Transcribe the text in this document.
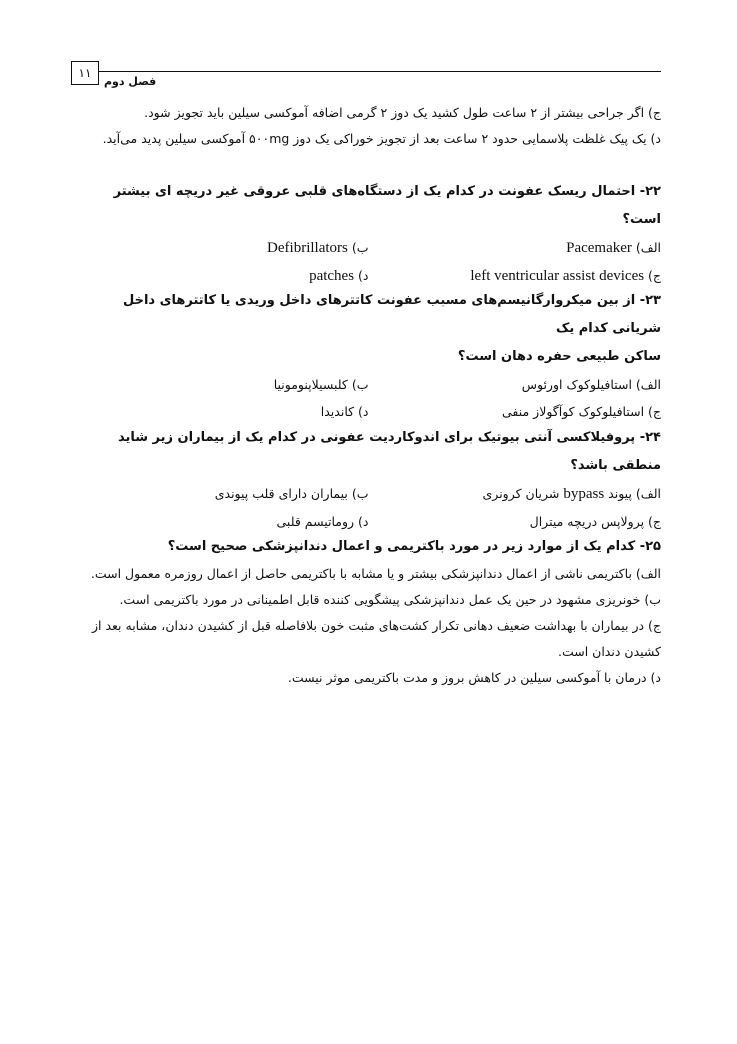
۱۱
فصل دوم
ج) اگر جراحی بیشتر از ۲ ساعت طول کشید یک دوز ۲ گرمی اضافه آموکسی سیلین باید تجویز شود.
د) یک پیک غلظت پلاسمایی حدود ۲ ساعت بعد از تجویز خوراکی یک دوز ۵۰۰mg آموکسی سیلین پدید می‌آید.
۲۲- احتمال ریسک عفونت در کدام یک از دستگاه‌های قلبی عروقی غیر دریچه ای بیشتر است؟
الف) Pacemaker
ب) Defibrillators
ج) left ventricular assist devices
د) patches
۲۳- از بین میکروارگانیسم‌های مسبب عفونت کاتترهای داخل وریدی یا کاتترهای داخل شریانی کدام یک
ساکن طبیعی حفره دهان است؟
الف) استافیلوکوک اورئوس
ب) کلبسیلاپنومونیا
ج) استافیلوکوک کوآگولاز منفی
د) کاندیدا
۲۴- پروفیلاکسی آنتی بیوتیک برای اندوکاردیت عفونی در کدام یک از بیماران زیر شاید منطقی باشد؟
الف) پیوند bypass شریان کرونری
ب) بیماران دارای قلب پیوندی
ج) پرولاپس دریچه میترال
د) روماتیسم قلبی
۲۵- کدام یک از موارد زیر در مورد باکتریمی و اعمال دندانپزشکی صحیح است؟
الف) باکتریمی ناشی از اعمال دندانپزشکی بیشتر و یا مشابه با باکتریمی حاصل از اعمال روزمره معمول است.
ب) خونریزی مشهود در حین یک عمل دندانپزشکی پیشگویی کننده قابل اطمینانی در مورد باکتریمی است.
ج) در بیماران با بهداشت ضعیف دهانی تکرار کشت‌های مثبت خون بلافاصله قبل از کشیدن دندان، مشابه بعد از
کشیدن دندان است.
د) درمان با آموکسی سیلین در کاهش بروز و مدت باکتریمی موثر نیست.
